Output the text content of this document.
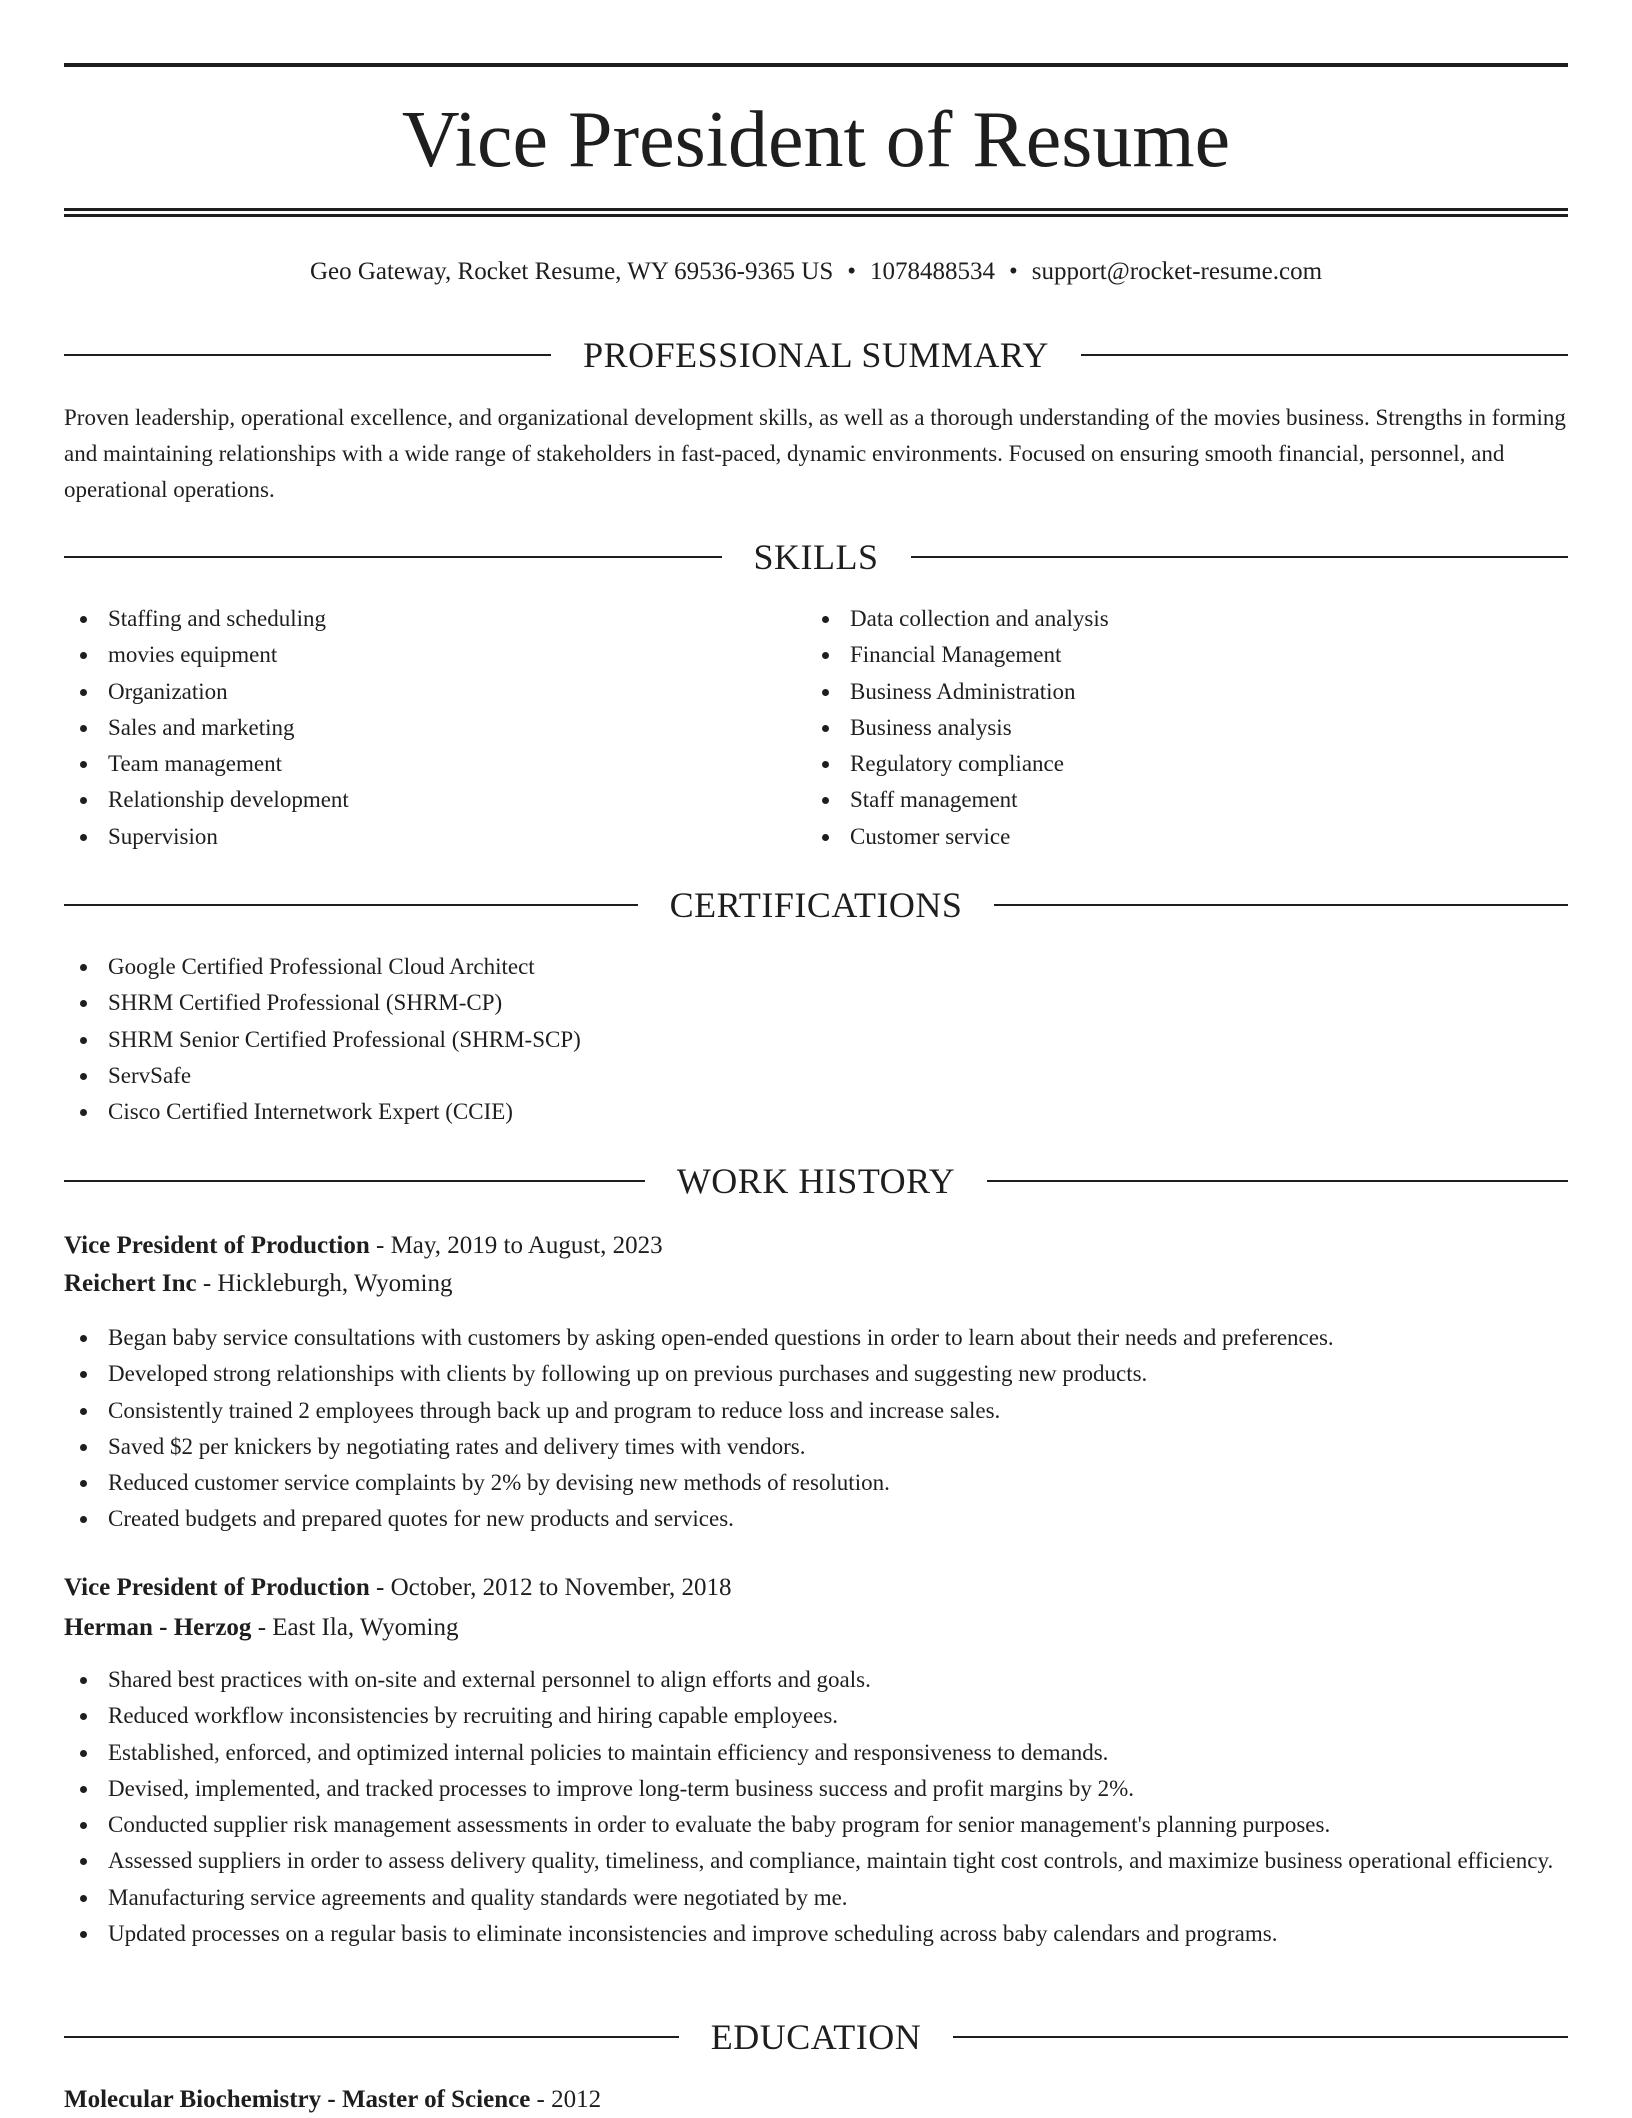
Vice President of Resume
Geo Gateway, Rocket Resume, WY 69536-9365 US • 1078488534 • support@rocket-resume.com
PROFESSIONAL SUMMARY

Proven leadership, operational excellence, and organizational development skills, as well as a thorough understanding of the movies business. Strengths in forming and maintaining relationships with a wide range of stakeholders in fast-paced, dynamic environments. Focused on ensuring smooth financial, personnel, and operational operations.

SKILLS
Staffing and scheduling
movies equipment
Organization
Sales and marketing
Team management
Relationship development
Supervision
Data collection and analysis
Financial Management
Business Administration
Business analysis
Regulatory compliance
Staff management
Customer service
CERTIFICATIONS
Google Certified Professional Cloud Architect
SHRM Certified Professional (SHRM-CP)
SHRM Senior Certified Professional (SHRM-SCP)
ServSafe
Cisco Certified Internetwork Expert (CCIE)
WORK HISTORY
Vice President of Production - May, 2019 to August, 2023
Reichert Inc - Hickleburgh, Wyoming
Began baby service consultations with customers by asking open-ended questions in order to learn about their needs and preferences.
Developed strong relationships with clients by following up on previous purchases and suggesting new products.
Consistently trained 2 employees through back up and program to reduce loss and increase sales.
Saved $2 per knickers by negotiating rates and delivery times with vendors.
Reduced customer service complaints by 2% by devising new methods of resolution.
Created budgets and prepared quotes for new products and services.
Vice President of Production - October, 2012 to November, 2018
Herman - Herzog - East Ila, Wyoming
Shared best practices with on-site and external personnel to align efforts and goals.
Reduced workflow inconsistencies by recruiting and hiring capable employees.
Established, enforced, and optimized internal policies to maintain efficiency and responsiveness to demands.
Devised, implemented, and tracked processes to improve long-term business success and profit margins by 2%.
Conducted supplier risk management assessments in order to evaluate the baby program for senior management's planning purposes.
Assessed suppliers in order to assess delivery quality, timeliness, and compliance, maintain tight cost controls, and maximize business operational efficiency.
Manufacturing service agreements and quality standards were negotiated by me.
Updated processes on a regular basis to eliminate inconsistencies and improve scheduling across baby calendars and programs.
EDUCATION
Molecular Biochemistry - Master of Science - 2012
